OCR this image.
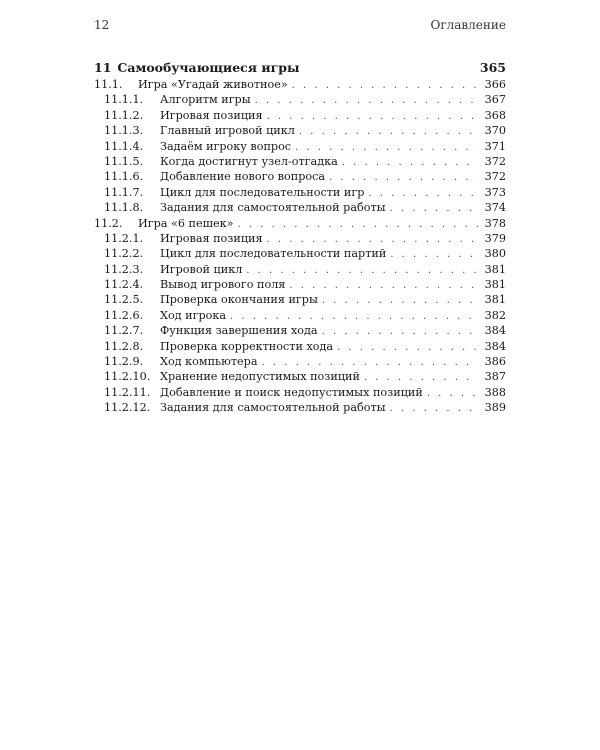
12	Оглавление
11 Самообучающиеся игры	365
11.1.	Игра «Угадай животное» . . .	366
11.1.1.	Алгоритм игры . . .	367
11.1.2.	Игровая позиция . . .	368
11.1.3.	Главный игровой цикл . . .	370
11.1.4.	Задаём игроку вопрос . . .	371
11.1.5.	Когда достигнут узел-отгадка . . .	372
11.1.6.	Добавление нового вопроса . . .	372
11.1.7.	Цикл для последовательности игр . . .	373
11.1.8.	Задания для самостоятельной работы . . .	374
11.2.	Игра «6 пешек» . . .	378
11.2.1.	Игровая позиция . . .	379
11.2.2.	Цикл для последовательности партий . . .	380
11.2.3.	Игровой цикл . . .	381
11.2.4.	Вывод игрового поля . . .	381
11.2.5.	Проверка окончания игры . . .	381
11.2.6.	Ход игрока . . .	382
11.2.7.	Функция завершения хода . . .	384
11.2.8.	Проверка корректности хода . . .	384
11.2.9.	Ход компьютера . . .	386
11.2.10. Хранение недопустимых позиций . . .	387
11.2.11. Добавление и поиск недопустимых позиций . . .	388
11.2.12. Задания для самостоятельной работы . . .	389
